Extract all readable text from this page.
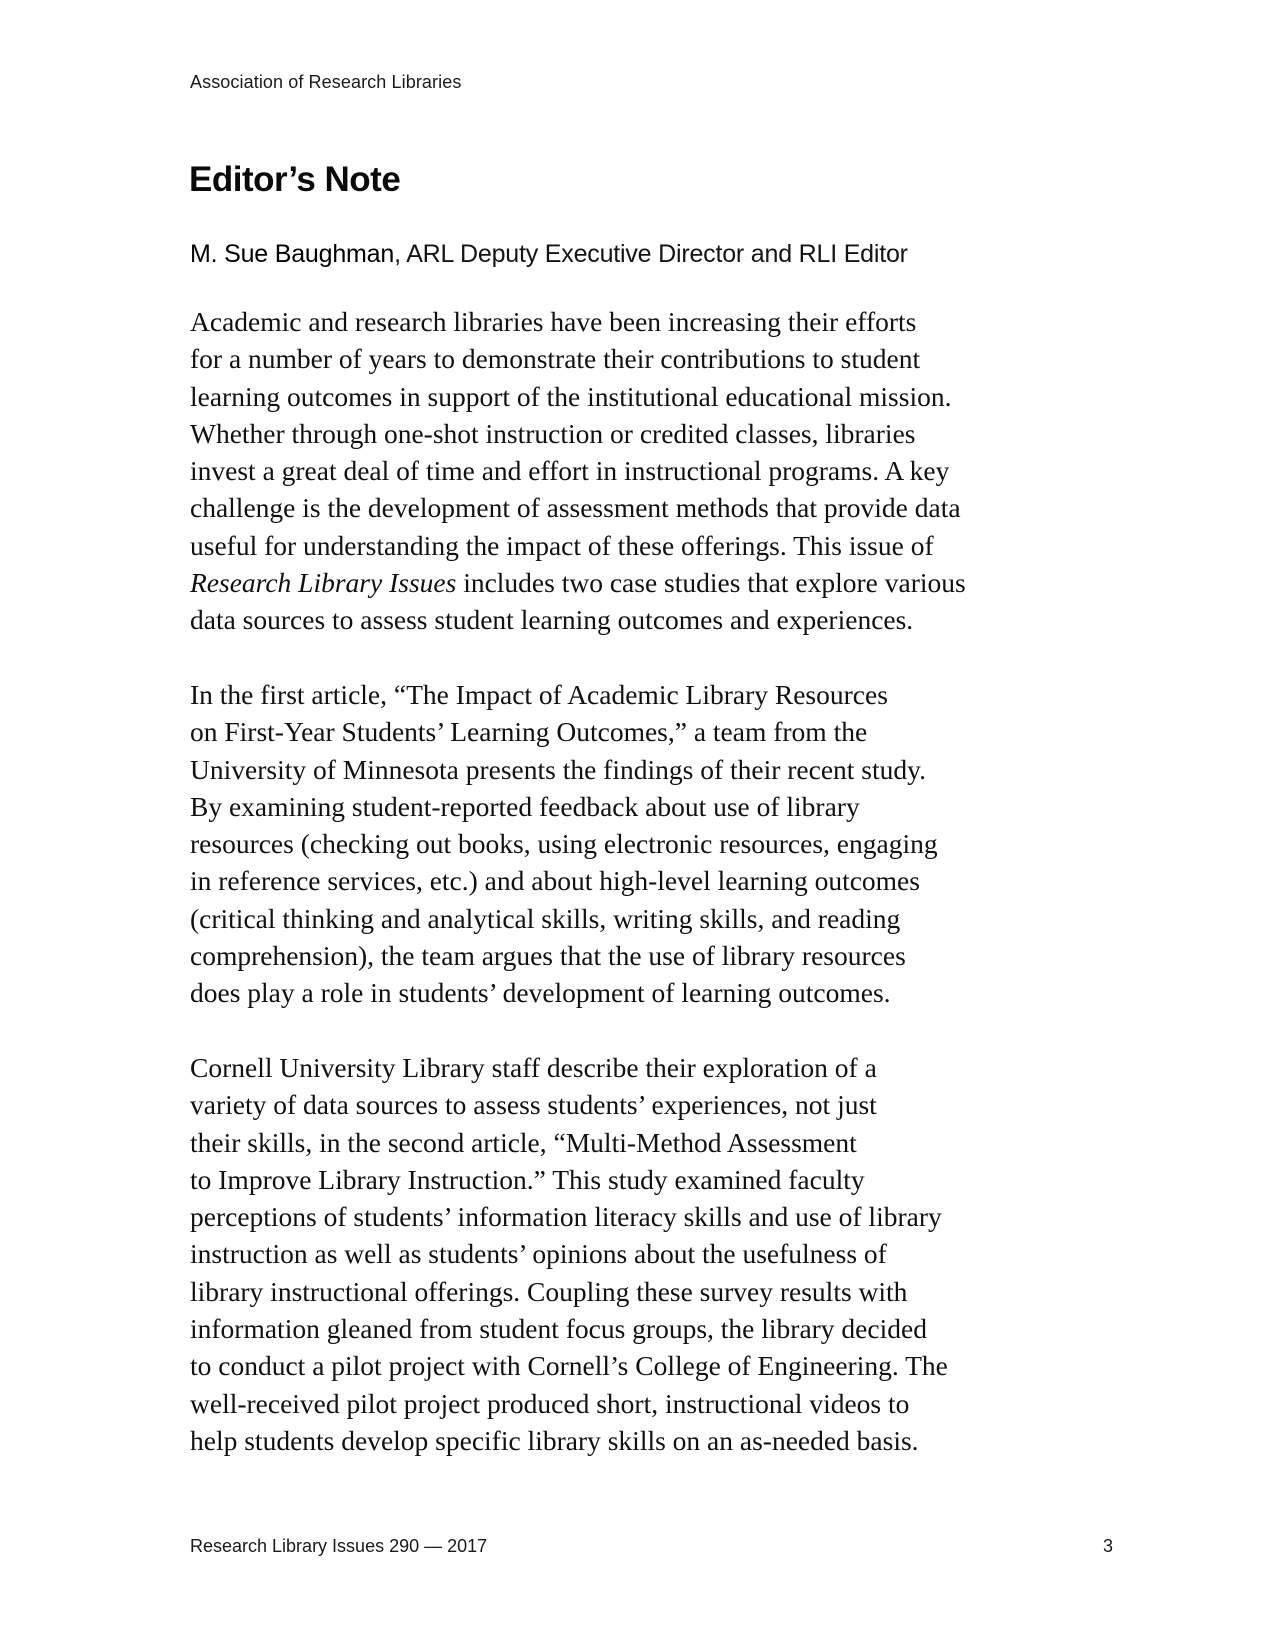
Association of Research Libraries
Editor’s Note
M. Sue Baughman, ARL Deputy Executive Director and RLI Editor

Academic and research libraries have been increasing their efforts
for a number of years to demonstrate their contributions to student
learning outcomes in support of the institutional educational mission.
Whether through one-shot instruction or credited classes, libraries
invest a great deal of time and effort in instructional programs. A key
challenge is the development of assessment methods that provide data
useful for understanding the impact of these offerings. This issue of
Research Library Issues includes two case studies that explore various
data sources to assess student learning outcomes and experiences.

In the first article, “The Impact of Academic Library Resources
on First-Year Students’ Learning Outcomes,” a team from the
University of Minnesota presents the findings of their recent study.
By examining student-reported feedback about use of library
resources (checking out books, using electronic resources, engaging
in reference services, etc.) and about high-level learning outcomes
(critical thinking and analytical skills, writing skills, and reading
comprehension), the team argues that the use of library resources
does play a role in students’ development of learning outcomes.

Cornell University Library staff describe their exploration of a
variety of data sources to assess students’ experiences, not just
their skills, in the second article, “Multi-Method Assessment
to Improve Library Instruction.” This study examined faculty
perceptions of students’ information literacy skills and use of library
instruction as well as students’ opinions about the usefulness of
library instructional offerings. Coupling these survey results with
information gleaned from student focus groups, the library decided
to conduct a pilot project with Cornell’s College of Engineering. The
well-received pilot project produced short, instructional videos to
help students develop specific library skills on an as-needed basis.

Research Library Issues 290 — 2017	3
